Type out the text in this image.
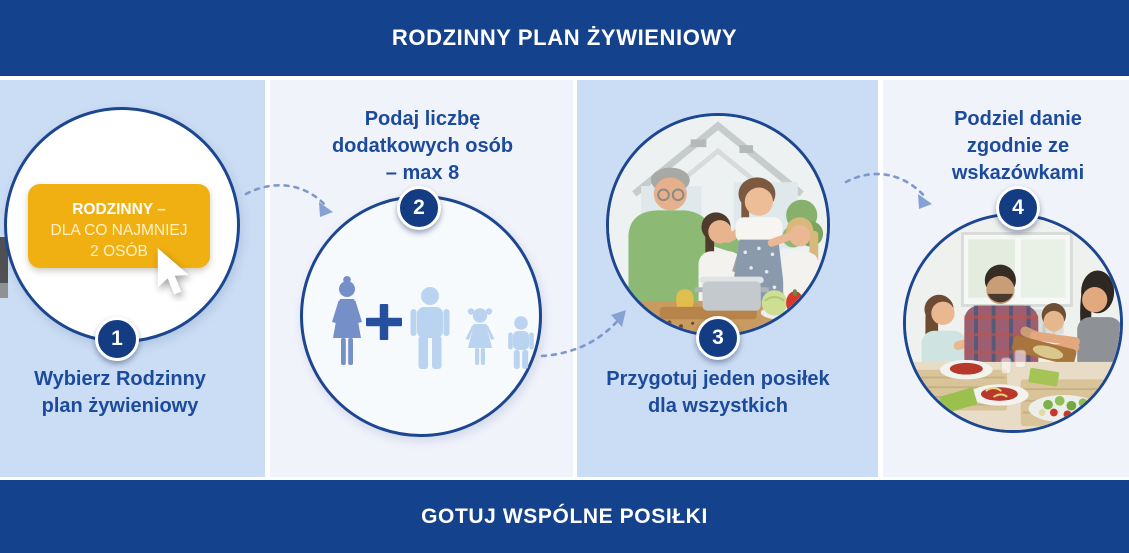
RODZINNY PLAN ŻYWIENIOWY
RODZINNY –
DLA CO NAJMNIEJ
2 OSÓB
1
Wybierz Rodzinny
plan żywieniowy
Podaj liczbę
dodatkowych osób
– max 8
2
3
Przygotuj jeden posiłek
dla wszystkich
Podziel danie
zgodnie ze
wskazówkami
4
GOTUJ WSPÓLNE POSIŁKI
